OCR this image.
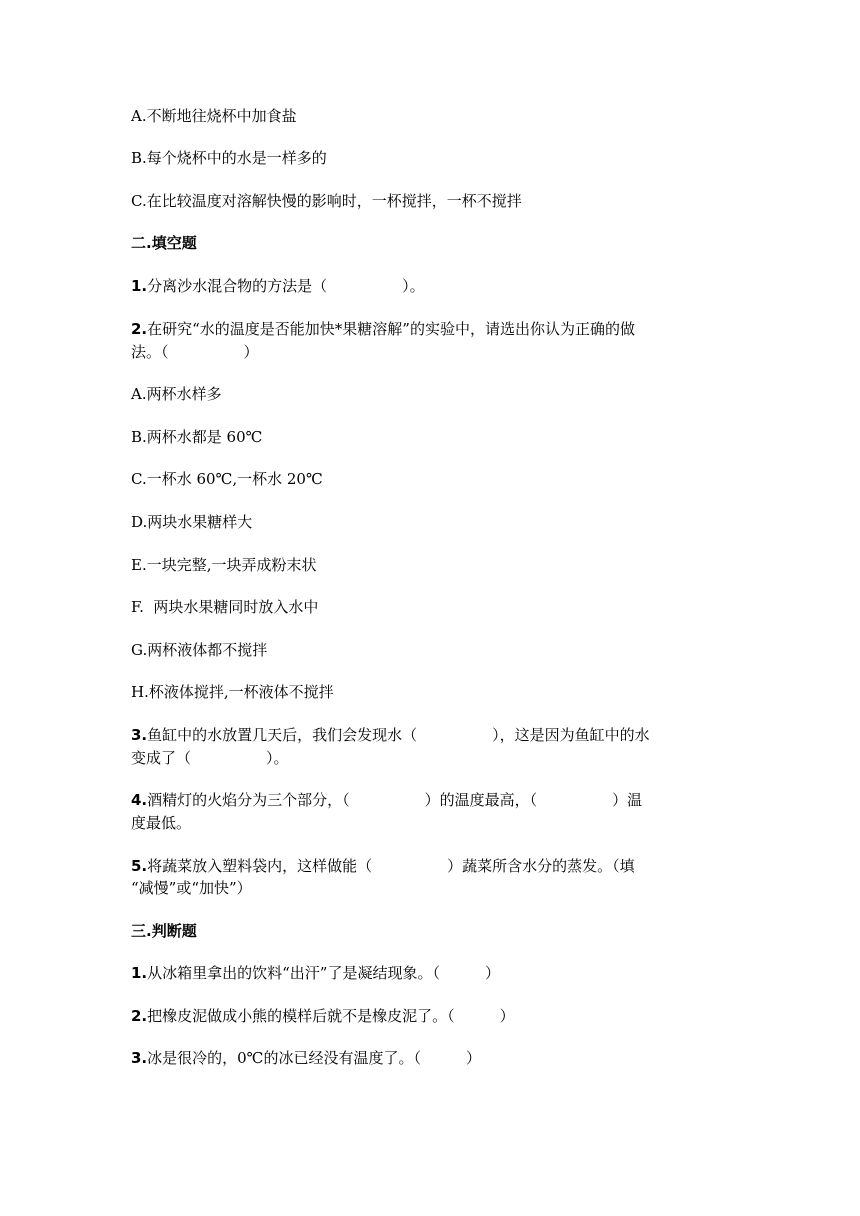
A.不断地往烧杯中加食盐
B.每个烧杯中的水是一样多的
C.在比较温度对溶解快慢的影响时，一杯搅拌，一杯不搅拌
二.填空题
1.分离沙水混合物的方法是（　　　　　）。
2.在研究“水的温度是否能加快*果糖溶解”的实验中，请选出你认为正确的做
法。（　　　　　）
A.两杯水样多
B.两杯水都是 60℃
C.一杯水 60℃,一杯水 20℃
D.两块水果糖样大
E.一块完整,一块弄成粉末状
F.  两块水果糖同时放入水中
G.两杯液体都不搅拌
H.杯液体搅拌,一杯液体不搅拌
3.鱼缸中的水放置几天后，我们会发现水（　　　　　），这是因为鱼缸中的水
变成了（　　　　　）。
4.酒精灯的火焰分为三个部分，（　　　　　）的温度最高，（　　　　　）温
度最低。
5.将蔬菜放入塑料袋内，这样做能（　　　　　）蔬菜所含水分的蒸发。（填
“减慢”或“加快”）
三.判断题
1.从冰箱里拿出的饮料“出汗”了是凝结现象。（　　　）
2.把橡皮泥做成小熊的模样后就不是橡皮泥了。（　　　）
3.冰是很冷的，0℃的冰已经没有温度了。（　　　）
